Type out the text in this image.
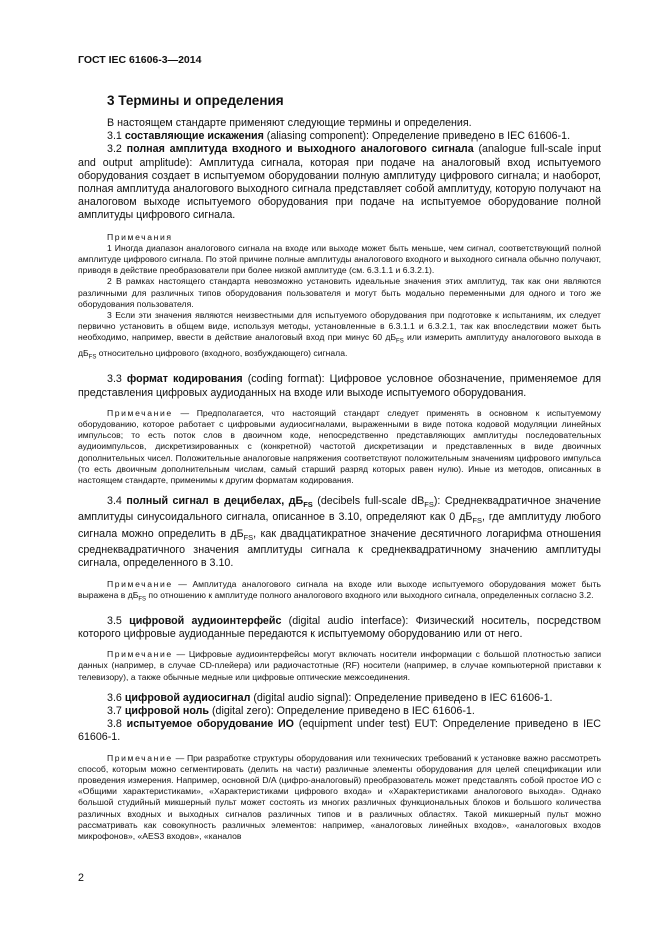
ГОСТ IEC 61606-3—2014
3 Термины и определения

В настоящем стандарте применяют следующие термины и определения.

3.1 составляющие искажения (aliasing component): Определение приведено в IEC 61606-1.

3.2 полная амплитуда входного и выходного аналогового сигнала (analogue full-scale input and output amplitude): Амплитуда сигнала, которая при подаче на аналоговый вход испытуемого оборудования создает в испытуемом оборудовании полную амплитуду цифрового сигнала; и наоборот, полная амплитуда аналогового выходного сигнала представляет собой амплитуду, которую получают на аналоговом выходе испытуемого оборудования при подаче на испытуемое оборудование полной амплитуды цифрового сигнала.

Примечания

1 Иногда диапазон аналогового сигнала на входе или выходе может быть меньше, чем сигнал, соответствующий полной амплитуде цифрового сигнала. По этой причине полные амплитуды аналогового входного и выходного сигнала обычно получают, приводя в действие преобразователи при более низкой амплитуде (см. 6.3.1.1 и 6.3.2.1).

2 В рамках настоящего стандарта невозможно установить идеальные значения этих амплитуд, так как они являются различными для различных типов оборудования пользователя и могут быть модально переменными для одного и того же оборудования пользователя.

3 Если эти значения являются неизвестными для испытуемого оборудования при подготовке к испытаниям, их следует первично установить в общем виде, используя методы, установленные в 6.3.1.1 и 6.3.2.1, так как впоследствии может быть необходимо, например, ввести в действие аналоговый вход при минус 60 $дБ_{FS}$ или измерить амплитуду аналогового выхода в $дБ_{FS}$ относительно цифрового (входного, возбуждающего) сигнала.

3.3 формат кодирования (coding format): Цифровое условное обозначение, применяемое для представления цифровых аудиоданных на входе или выходе испытуемого оборудования.

Примечание — Предполагается, что настоящий стандарт следует применять в основном к испытуемому оборудованию, которое работает с цифровыми аудиосигналами, выраженными в виде потока кодовой модуляции линейных импульсов; то есть поток слов в двоичном коде, непосредственно представляющих амплитуды последовательных аудиоимпульсов, дискретизированных с (конкретной) частотой дискретизации и представленных в виде двоичных дополнительных чисел. Положительные аналоговые напряжения соответствуют положительным значениям цифрового импульса (то есть двоичным дополнительным числам, самый старший разряд которых равен нулю). Иные из методов, описанных в настоящем стандарте, применимы к другим форматам кодирования.

3.4 полный сигнал в децибелах, $дБ_{FS}$ (decibels full-scale $dB_{FS}$): Среднеквадратичное значение амплитуды синусоидального сигнала, описанное в 3.10, определяют как 0 $дБ_{FS}$, где амплитуду любого сигнала можно определить в $дБ_{FS}$, как двадцатикратное значение десятичного логарифма отношения среднеквадратичного значения амплитуды сигнала к среднеквадратичному значению амплитуды сигнала, определенного в 3.10.

Примечание — Амплитуда аналогового сигнала на входе или выходе испытуемого оборудования может быть выражена в $дБ_{FS}$ по отношению к амплитуде полного аналогового входного или выходного сигнала, определенных согласно 3.2.

3.5 цифровой аудиоинтерфейс (digital audio interface): Физический носитель, посредством которого цифровые аудиоданные передаются к испытуемому оборудованию или от него.

Примечание — Цифровые аудиоинтерфейсы могут включать носители информации с большой плотностью записи данных (например, в случае CD-плейера) или радиочастотные (RF) носители (например, в случае компьютерной приставки к телевизору), а также обычные медные или цифровые оптические межсоединения.

3.6 цифровой аудиосигнал (digital audio signal): Определение приведено в IEC 61606-1.

3.7 цифровой ноль (digital zero): Определение приведено в IEC 61606-1.

3.8 испытуемое оборудование ИО (equipment under test) EUT: Определение приведено в IEC 61606-1.

Примечание — При разработке структуры оборудования или технических требований к установке важно рассмотреть способ, которым можно сегментировать (делить на части) различные элементы оборудования для целей спецификации или проведения измерения. Например, основной D/A (цифро-аналоговый) преобразователь может представлять собой простое ИО с «Общими характеристиками», «Характеристиками цифрового входа» и «Характеристиками аналогового выхода». Однако большой студийный микшерный пульт может состоять из многих различных функциональных блоков и большого количества различных входных и выходных сигналов различных типов и в различных областях. Такой микшерный пульт можно рассматривать как совокупность различных элементов: например, «аналоговых линейных входов», «аналоговых входов микрофонов», «AES3 входов», «каналов

2
